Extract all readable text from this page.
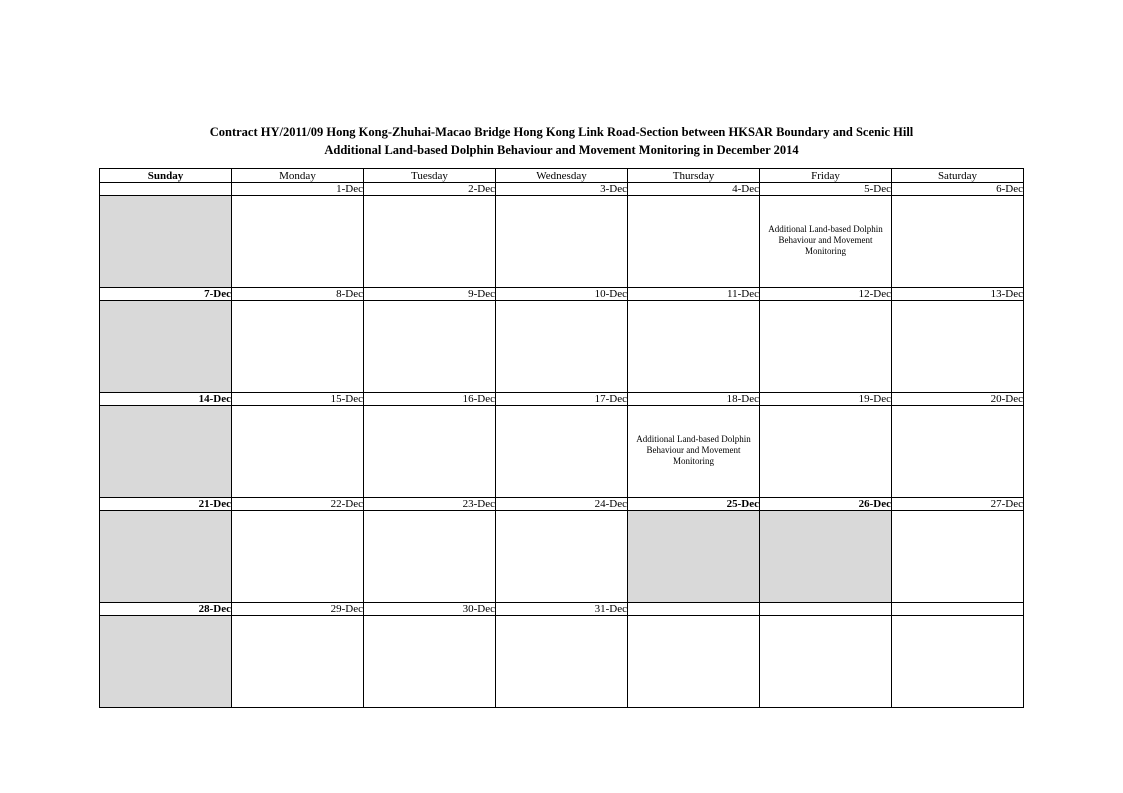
Contract HY/2011/09 Hong Kong-Zhuhai-Macao Bridge Hong Kong Link Road-Section between HKSAR Boundary and Scenic Hill
Additional Land-based Dolphin Behaviour and Movement Monitoring in December 2014
Sunday	Monday	Tuesday	Wednesday	Thursday	Friday	Saturday
	1-Dec	2-Dec	3-Dec	4-Dec	5-Dec	6-Dec
					Additional Land-based Dolphin Behaviour and Movement Monitoring	
7-Dec	8-Dec	9-Dec	10-Dec	11-Dec	12-Dec	13-Dec

14-Dec	15-Dec	16-Dec	17-Dec	18-Dec	19-Dec	20-Dec
				Additional Land-based Dolphin Behaviour and Movement Monitoring		
21-Dec	22-Dec	23-Dec	24-Dec	25-Dec	26-Dec	27-Dec

28-Dec	29-Dec	30-Dec	31-Dec			
